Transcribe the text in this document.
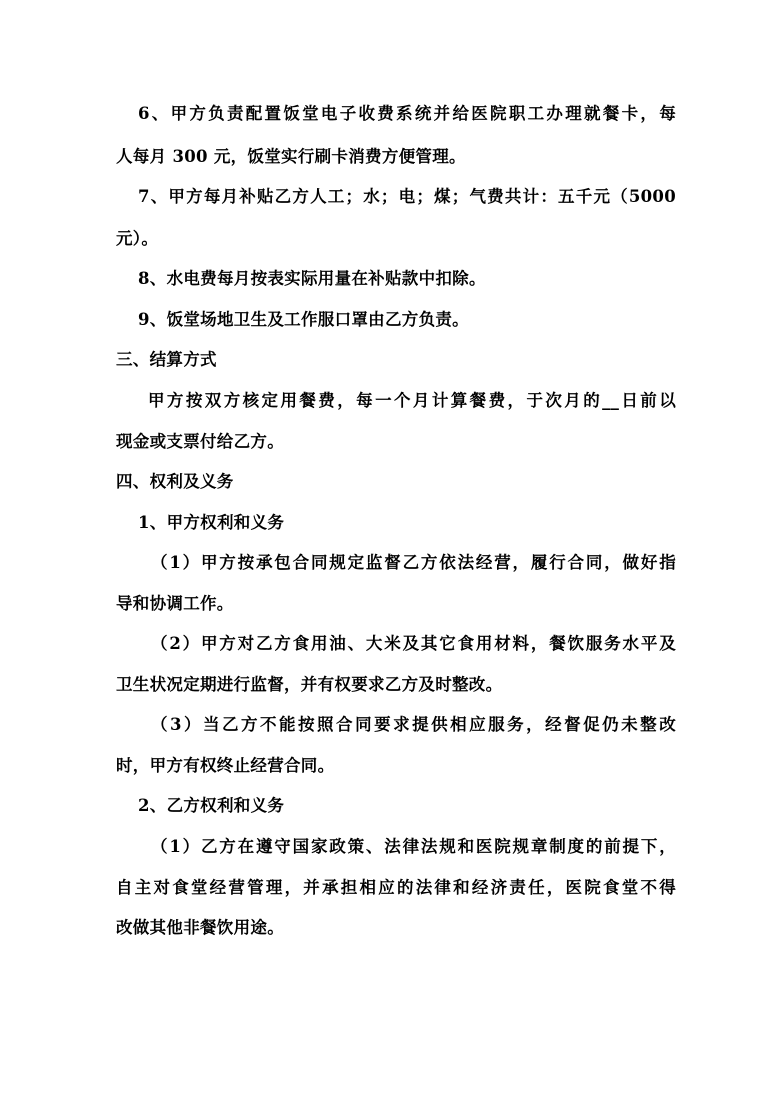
6、甲方负责配置饭堂电子收费系统并给医院职工办理就餐卡，每
人每月 300 元，饭堂实行刷卡消费方便管理。
7、甲方每月补贴乙方人工；水；电；煤；气费共计：五千元（5000
元）。
8、水电费每月按表实际用量在补贴款中扣除。
9、饭堂场地卫生及工作服口罩由乙方负责。
三、结算方式
甲方按双方核定用餐费，每一个月计算餐费，于次月的__日前以
现金或支票付给乙方。
四、权利及义务
1、甲方权利和义务
（1）甲方按承包合同规定监督乙方依法经营，履行合同，做好指
导和协调工作。
（2）甲方对乙方食用油、大米及其它食用材料，餐饮服务水平及
卫生状况定期进行监督，并有权要求乙方及时整改。
（3）当乙方不能按照合同要求提供相应服务，经督促仍未整改
时，甲方有权终止经营合同。
2、乙方权利和义务
（1）乙方在遵守国家政策、法律法规和医院规章制度的前提下，
自主对食堂经营管理，并承担相应的法律和经济责任，医院食堂不得
改做其他非餐饮用途。
